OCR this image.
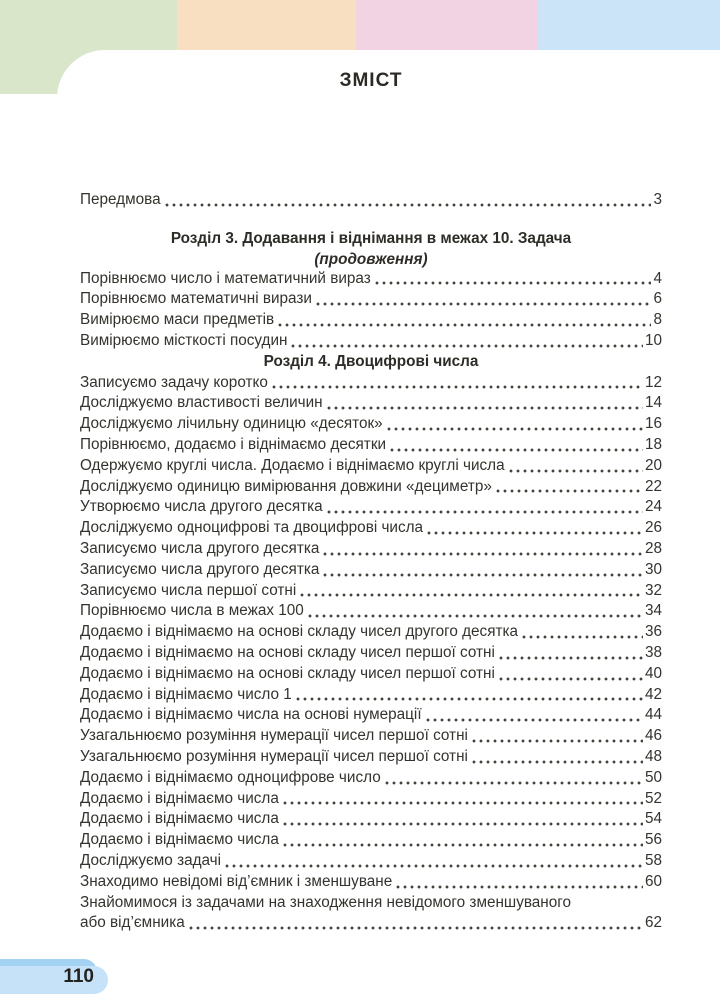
ЗМІСТ
Передмова	3
Розділ 3. Додавання і віднімання в межах 10. Задача
(продовження)
Порівнюємо число і математичний вираз	4
Порівнюємо математичні вирази	6
Вимірюємо маси предметів	8
Вимірюємо місткості посудин	10
Розділ 4. Двоцифрові числа
Записуємо задачу коротко	12
Досліджуємо властивості величин	14
Досліджуємо лічильну одиницю «десяток»	16
Порівнюємо, додаємо і віднімаємо десятки	18
Одержуємо круглі числа. Додаємо і віднімаємо круглі числа	20
Досліджуємо одиницю вимірювання довжини «дециметр»	22
Утворюємо числа другого десятка	24
Досліджуємо одноцифрові та двоцифрові числа	26
Записуємо числа другого десятка	28
Записуємо числа другого десятка	30
Записуємо числа першої сотні	32
Порівнюємо числа в межах 100	34
Додаємо і віднімаємо на основі складу чисел другого десятка	36
Додаємо і віднімаємо на основі складу чисел першої сотні	38
Додаємо і віднімаємо на основі складу чисел першої сотні	40
Додаємо і віднімаємо число 1	42
Додаємо і віднімаємо числа на основі нумерації	44
Узагальнюємо розуміння нумерації чисел першої сотні	46
Узагальнюємо розуміння нумерації чисел першої сотні	48
Додаємо і віднімаємо одноцифрове число	50
Додаємо і віднімаємо числа	52
Додаємо і віднімаємо числа	54
Додаємо і віднімаємо числа	56
Досліджуємо задачі	58
Знаходимо невідомі від’ємник і зменшуване	60
Знайомимося із задачами на знаходження невідомого зменшуваного
або від’ємника	62
110
